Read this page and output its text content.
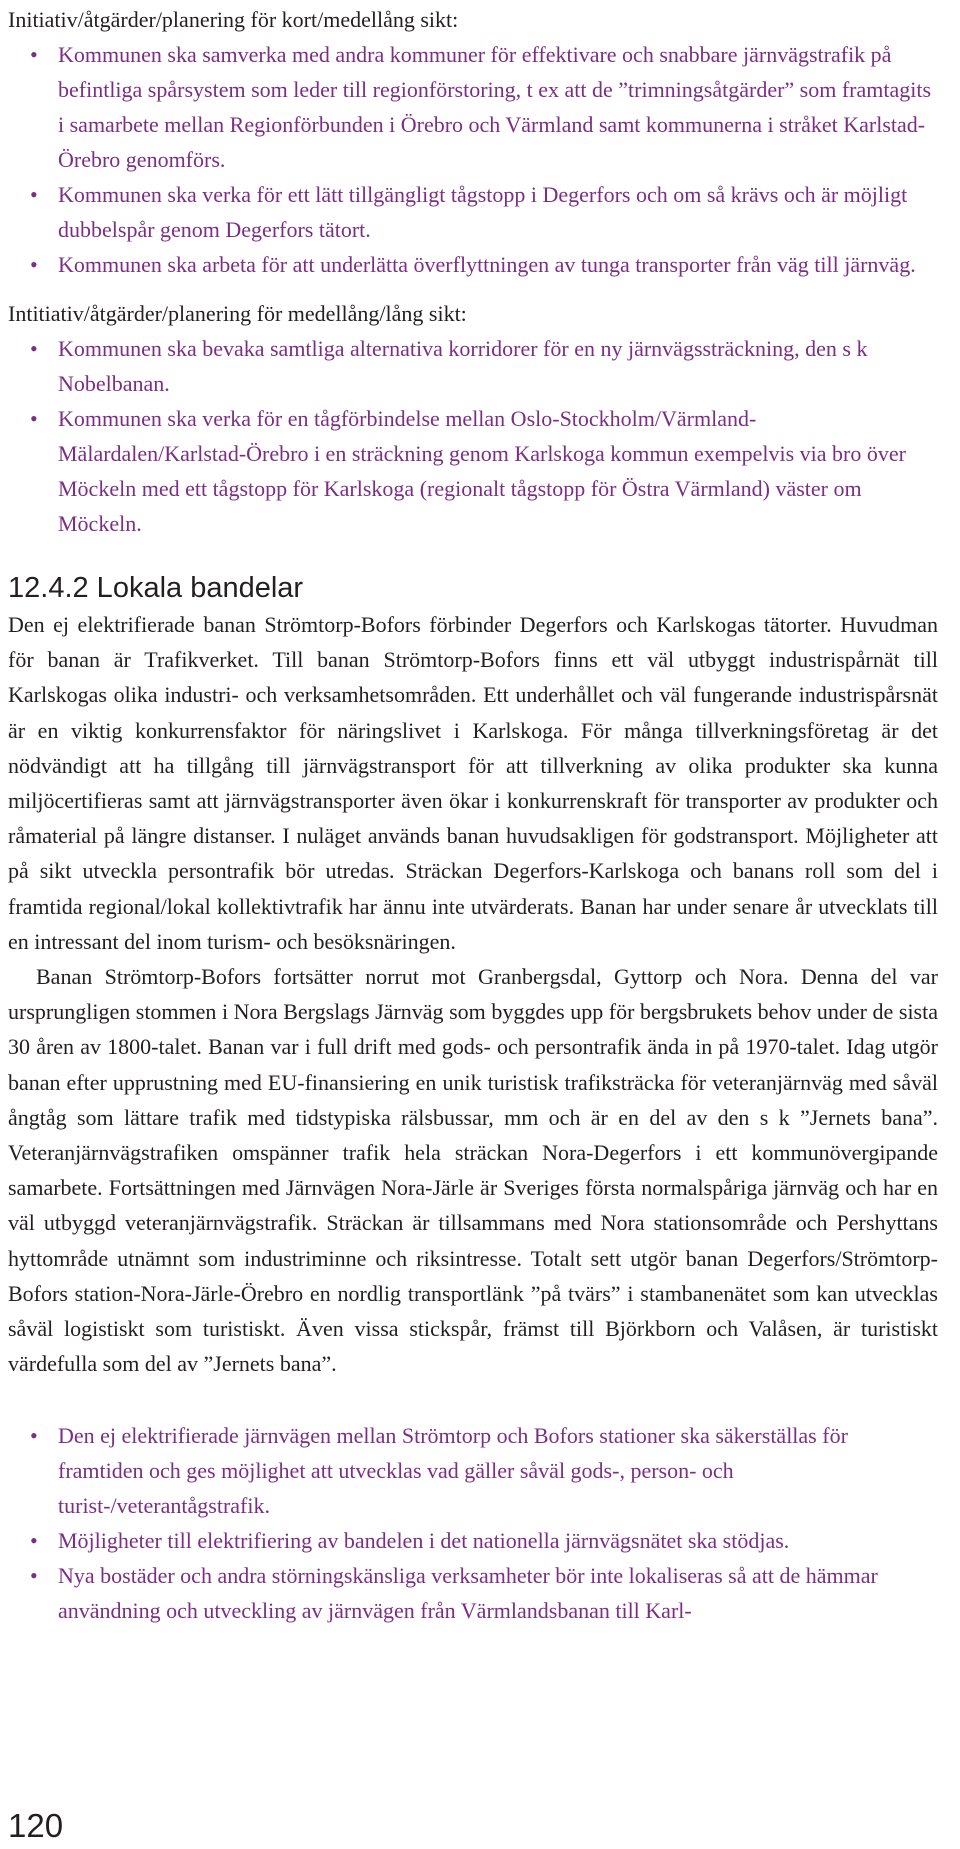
Initiativ/åtgärder/planering för kort/medellång sikt:

• Kommunen ska samverka med andra kommuner för effektivare och snabbare järnvägstrafik på befintliga spårsystem som leder till regionförstoring, t ex att de ”trimningsåtgärder” som framtagits i samarbete mellan Regionförbunden i Örebro och Värmland samt kommunerna i stråket Karlstad-Örebro genomförs.
• Kommunen ska verka för ett lätt tillgängligt tågstopp i Degerfors och om så krävs och är möjligt dubbelspår genom Degerfors tätort.
• Kommunen ska arbeta för att underlätta överflyttningen av tunga transporter från väg till järnväg.

Intitiativ/åtgärder/planering för medellång/lång sikt:

• Kommunen ska bevaka samtliga alternativa korridorer för en ny järnvägssträckning, den s k Nobelbanan.
• Kommunen ska verka för en tågförbindelse mellan Oslo-Stockholm/Värmland-Mälardalen/Karlstad-Örebro i en sträckning genom Karlskoga kommun exempelvis via bro över Möckeln med ett tågstopp för Karlskoga (regionalt tågstopp för Östra Värmland) väster om Möckeln.
12.4.2 Lokala bandelar

Den ej elektrifierade banan Strömtorp-Bofors förbinder Degerfors och Karlskogas tätorter. Huvudman för banan är Trafikverket. Till banan Strömtorp-Bofors finns ett väl utbyggt industrispårnät till Karlskogas olika industri- och verksamhetsområden. Ett underhållet och väl fungerande industrispårsnät är en viktig konkurrensfaktor för näringslivet i Karlskoga. För många tillverkningsföretag är det nödvändigt att ha tillgång till järnvägstransport för att tillverkning av olika produkter ska kunna miljöcertifieras samt att järnvägstransporter även ökar i konkurrenskraft för transporter av produkter och råmaterial på längre distanser. I nuläget används banan huvudsakligen för godstransport. Möjligheter att på sikt utveckla persontrafik bör utredas. Sträckan Degerfors-Karlskoga och banans roll som del i framtida regional/lokal kollektivtrafik har ännu inte utvärderats. Banan har under senare år utvecklats till en intressant del inom turism- och besöksnäringen.

Banan Strömtorp-Bofors fortsätter norrut mot Granbergsdal, Gyttorp och Nora. Denna del var ursprungligen stommen i Nora Bergslags Järnväg som byggdes upp för bergsbrukets behov under de sista 30 åren av 1800-talet. Banan var i full drift med gods- och persontrafik ända in på 1970-talet. Idag utgör banan efter upprustning med EU-finansiering en unik turistisk trafiksträcka för veteranjärnväg med såväl ångtåg som lättare trafik med tidstypiska rälsbussar, mm och är en del av den s k ”Jernets bana”. Veteranjärnvägstrafiken omspänner trafik hela sträckan Nora-Degerfors i ett kommunövergipande samarbete. Fortsättningen med Järnvägen Nora-Järle är Sveriges första normalspåriga järnväg och har en väl utbyggd veteranjärnvägstrafik. Sträckan är tillsammans med Nora stationsområde och Pershyttans hyttområde utnämnt som industriminne och riksintresse. Totalt sett utgör banan Degerfors/Strömtorp-Bofors station-Nora-Järle-Örebro en nordlig transportlänk ”på tvärs” i stambanenätet som kan utvecklas såväl logistiskt som turistiskt. Även vissa stickspår, främst till Björkborn och Valåsen, är turistiskt värdefulla som del av ”Jernets bana”.

• Den ej elektrifierade järnvägen mellan Strömtorp och Bofors stationer ska säkerställas för framtiden och ges möjlighet att utvecklas vad gäller såväl gods-, person- och turist-/veterantågstrafik.
• Möjligheter till elektrifiering av bandelen i det nationella järnvägsnätet ska stödjas.
• Nya bostäder och andra störningskänsliga verksamheter bör inte lokaliseras så att de hämmar användning och utveckling av järnvägen från Värmlandsbanan till Karl-
120
